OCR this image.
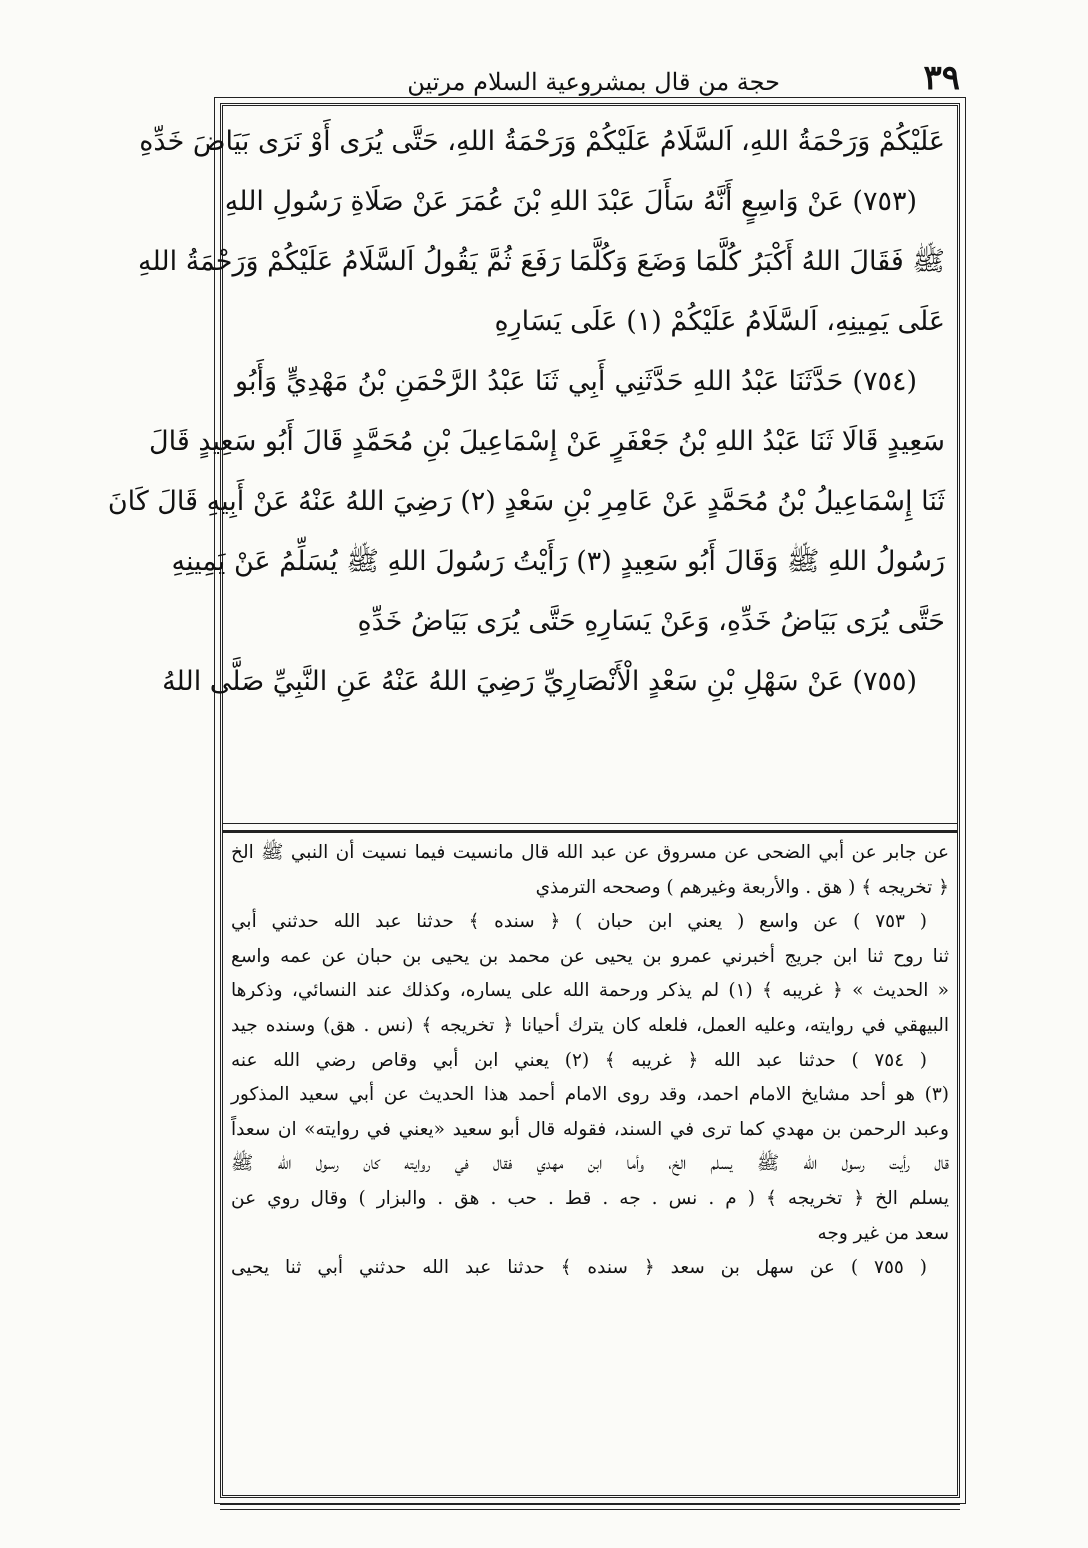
٣٩
حجة من قال بمشروعية السلام مرتين
عَلَيْكُمْ وَرَحْمَةُ اللهِ، اَلسَّلَامُ عَلَيْكُمْ وَرَحْمَةُ اللهِ، حَتَّى يُرَى أَوْ نَرَى بَيَاضَ خَدِّهِ
(٧٥٣) عَنْ وَاسِعٍ أَنَّهُ سَأَلَ عَبْدَ اللهِ بْنَ عُمَرَ عَنْ صَلَاةِ رَسُولِ اللهِ
ﷺ فَقَالَ اللهُ أَكْبَرُ كُلَّمَا وَضَعَ وَكُلَّمَا رَفَعَ ثُمَّ يَقُولُ اَلسَّلَامُ عَلَيْكُمْ وَرَحْمَةُ اللهِ
عَلَى يَمِينِهِ، اَلسَّلَامُ عَلَيْكُمْ (١) عَلَى يَسَارِهِ
(٧٥٤) حَدَّثَنَا عَبْدُ اللهِ حَدَّثَنِي أَبِي ثَنَا عَبْدُ الرَّحْمَنِ بْنُ مَهْدِيٍّ وَأَبُو
سَعِيدٍ قَالَا ثَنَا عَبْدُ اللهِ بْنُ جَعْفَرٍ عَنْ إِسْمَاعِيلَ بْنِ مُحَمَّدٍ قَالَ أَبُو سَعِيدٍ قَالَ
ثَنَا إِسْمَاعِيلُ بْنُ مُحَمَّدٍ عَنْ عَامِرِ بْنِ سَعْدٍ (٢) رَضِيَ اللهُ عَنْهُ عَنْ أَبِيهِ قَالَ كَانَ
رَسُولُ اللهِ ﷺ وَقَالَ أَبُو سَعِيدٍ (٣) رَأَيْتُ رَسُولَ اللهِ ﷺ يُسَلِّمُ عَنْ يَمِينِهِ
حَتَّى يُرَى بَيَاضُ خَدِّهِ، وَعَنْ يَسَارِهِ حَتَّى يُرَى بَيَاضُ خَدِّهِ
(٧٥٥) عَنْ سَهْلِ بْنِ سَعْدٍ الْأَنْصَارِيِّ رَضِيَ اللهُ عَنْهُ عَنِ النَّبِيِّ صَلَّى اللهُ
عن جابر عن أبي الضحى عن مسروق عن عبد الله قال مانسيت فيما نسيت أن النبي ﷺ الخ
﴿ تخريجه ﴾ ( هق . والأربعة وغيرهم ) وصححه الترمذي
( ٧٥٣ ) عن واسع ( يعني ابن حبان ) ﴿ سنده ﴾ حدثنا عبد الله حدثني أبي
ثنا روح ثنا ابن جريج أخبرني عمرو بن يحيى عن محمد بن يحيى بن حبان عن عمه واسع
« الحديث » ﴿ غريبه ﴾ (١) لم يذكر ورحمة الله على يساره، وكذلك عند النسائي، وذكرها
البيهقي في روايته، وعليه العمل، فلعله كان يترك أحيانا ﴿ تخريجه ﴾ (نس . هق) وسنده جيد
( ٧٥٤ ) حدثنا عبد الله ﴿ غريبه ﴾ (٢) يعني ابن أبي وقاص رضي الله عنه
(٣) هو أحد مشايخ الامام احمد، وقد روى الامام أحمد هذا الحديث عن أبي سعيد المذكور
وعبد الرحمن بن مهدي كما ترى في السند، فقوله قال أبو سعيد «يعني في روايته» ان سعداً
قال رأيت رسول الله ﷺ يسلم الخ، وأما ابن مهدي فقال في روايته كان رسول الله ﷺ
يسلم الخ ﴿ تخريجه ﴾ ( م . نس . جه . قط . حب . هق . والبزار ) وقال روي عن
سعد من غير وجه
( ٧٥٥ ) عن سهل بن سعد ﴿ سنده ﴾ حدثنا عبد الله حدثني أبي ثنا يحيى
